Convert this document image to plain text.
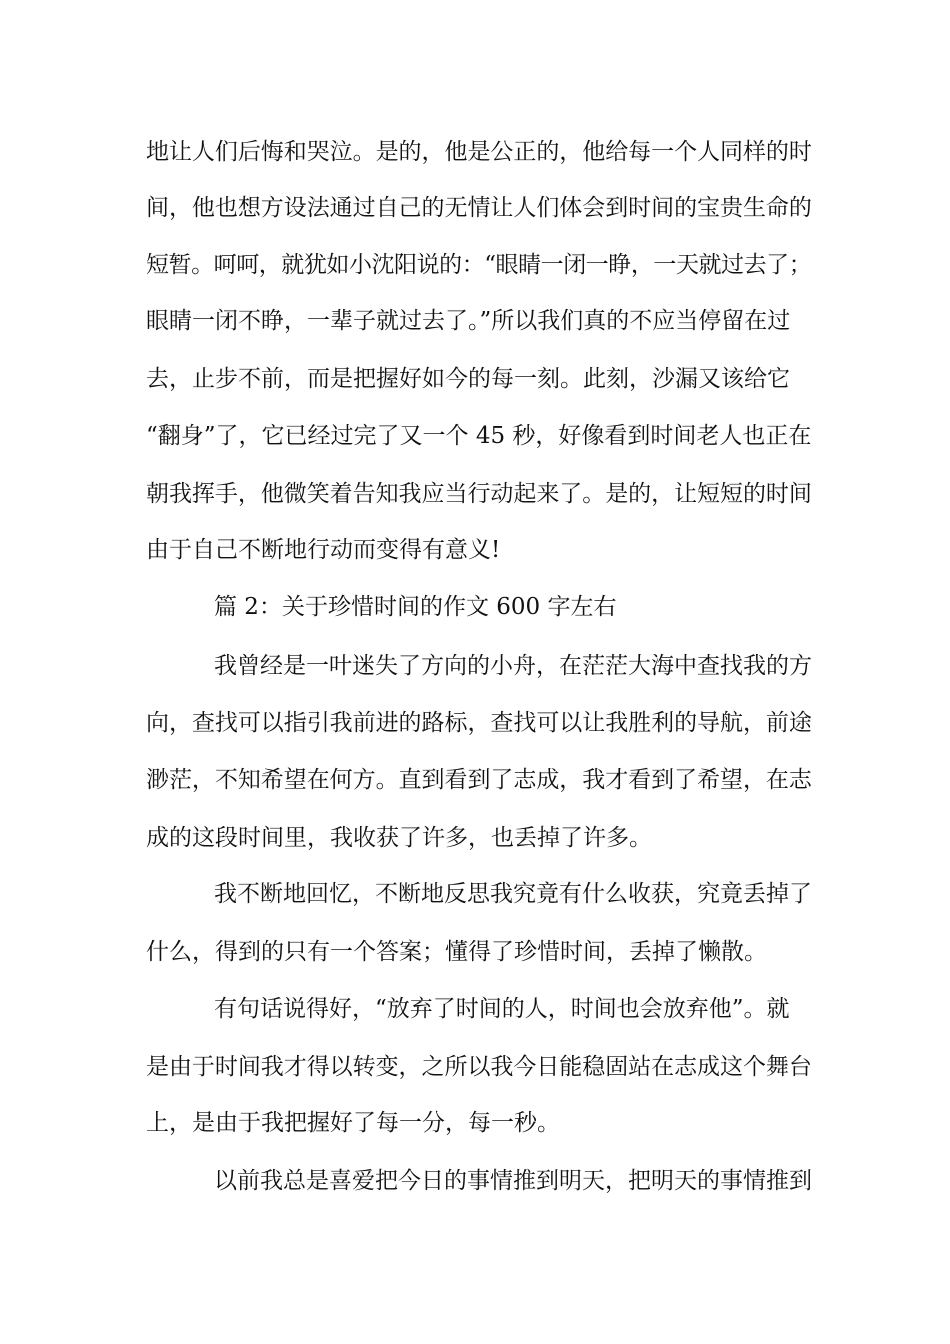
地让人们后悔和哭泣。是的，他是公正的，他给每一个人同样的时
间，他也想方设法通过自己的无情让人们体会到时间的宝贵生命的
短暂。呵呵，就犹如小沈阳说的：“眼睛一闭一睁，一天就过去了；
眼睛一闭不睁，一辈子就过去了。”所以我们真的不应当停留在过
去，止步不前，而是把握好如今的每一刻。此刻，沙漏又该给它
“翻身”了，它已经过完了又一个 45 秒，好像看到时间老人也正在
朝我挥手，他微笑着告知我应当行动起来了。是的，让短短的时间
由于自己不断地行动而变得有意义!
篇 2：关于珍惜时间的作文 600 字左右
我曾经是一叶迷失了方向的小舟，在茫茫大海中查找我的方
向，查找可以指引我前进的路标，查找可以让我胜利的导航，前途
渺茫，不知希望在何方。直到看到了志成，我才看到了希望，在志
成的这段时间里，我收获了许多，也丢掉了许多。
我不断地回忆，不断地反思我究竟有什么收获，究竟丢掉了
什么，得到的只有一个答案；懂得了珍惜时间，丢掉了懒散。
有句话说得好，“放弃了时间的人，时间也会放弃他”。就
是由于时间我才得以转变，之所以我今日能稳固站在志成这个舞台
上，是由于我把握好了每一分，每一秒。
以前我总是喜爱把今日的事情推到明天，把明天的事情推到
